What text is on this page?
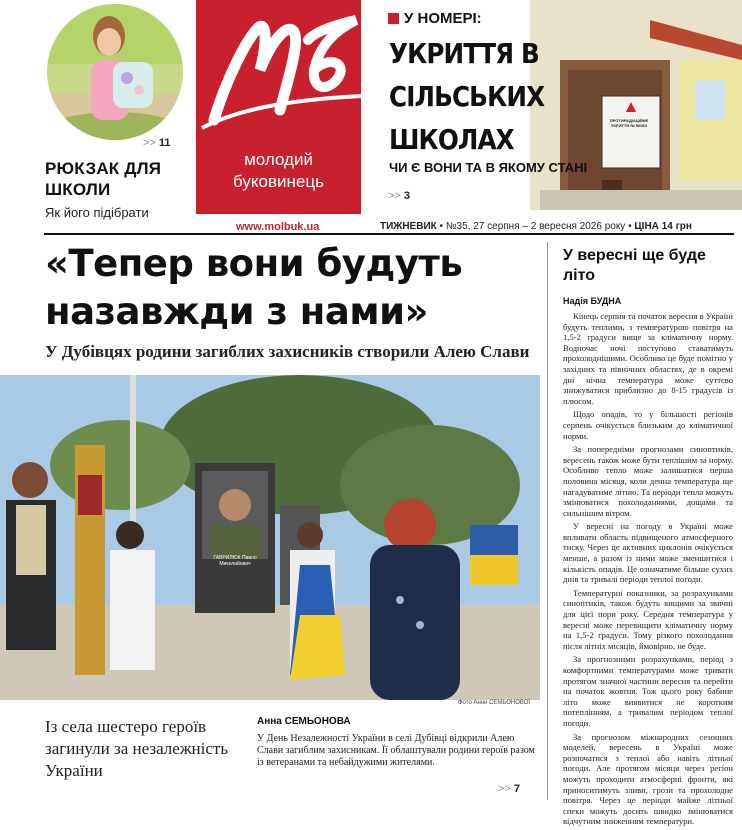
>> 11
РЮКЗАК ДЛЯ ШКОЛИ
Як його підібрати
молодий
буковинець
www.molbuk.ua
У НОМЕРІ:
УКРИТТЯ В
СІЛЬСЬКИХ
ШКОЛАХ
ЧИ Є ВОНИ ТА В ЯКОМУ СТАНІ
>> 3
ПРОТИРАДІАЦІЙНЕ
УКРИТТЯ № 96063
ТИЖНЕВИК • №35, 27 серпня – 2 вересня 2026 року • ЦІНА 14 грн
«Тепер вони будуть
назавжди з нами»
У Дубівцях родини загиблих захисників створили Алею Слави
ГАВРИЛЮК Павло Миколайович
Фото Анни СЕМЬОНОВОЇ
Із села шестеро героїв загинули за незалежність України
Анна СЕМЬОНОВА
У День Незалежності України в селі Дубівці відкрили Алею Слави загиблим захисникам. Її облаштували родини героїв разом із ветеранами та небайдужими жителями.
>> 7
У вересні ще буде літо
Надія БУДНА

Кінець серпня та початок вересня в Україні будуть теплими, з температурою повітря на 1,5-2 градуси вище за кліматичну норму. Водночас ночі поступово ставатимуть прохолоднішими. Особливо це буде помітно у західних та північних областях, де в окремі дні нічна температура може суттєво знижуватися приблизно до 8-15 градусів із плюсом.

Щодо опадів, то у більшості регіонів серпень очікується близьким до кліматичної норми.

За попередніми прогнозами синоптиків, вересень також може бути теплішим за норму. Особливо тепло може залишатися перша половина місяця, коли денна температура ще нагадуватиме літню. Та періоди тепла можуть змінюватися похолоданнями, дощами та сильнішим вітром.

У вересні на погоду в Україні може впливати область підвищеного атмосферного тиску. Через це активних циклонів очікується менше, а разом із ними може зменшитися і кількість опадів. Це означатиме більше сухих днів та тривалі періоди теплої погоди.

Температурні показники, за розрахунками синоптиків, також будуть вищими за звичні для цієї пори року. Середня температура у вересні може перевищити кліматичну норму на 1,5-2 градуси. Тому різкого похолодання після літніх місяців, ймовірно, не буде.

За прогнозними розрахунками, період з комфортними температурами може тривати протягом значної частини вересня та перейти на початок жовтня. Тож цього року бабине літо може виявитися не коротким потеплінням, а тривалим періодом теплої погоди.

За прогнозом міжнародних сезонних моделей, вересень в Україні може розпочатися з теплої або навіть літньої погоди. Але протягом місяця через регіон можуть проходити атмосферні фронти, які приноситимуть зливи, грози та прохолодне повітря. Через це періоди майже літньої спеки можуть досить швидко змінюватися відчутним зниженням температури.
